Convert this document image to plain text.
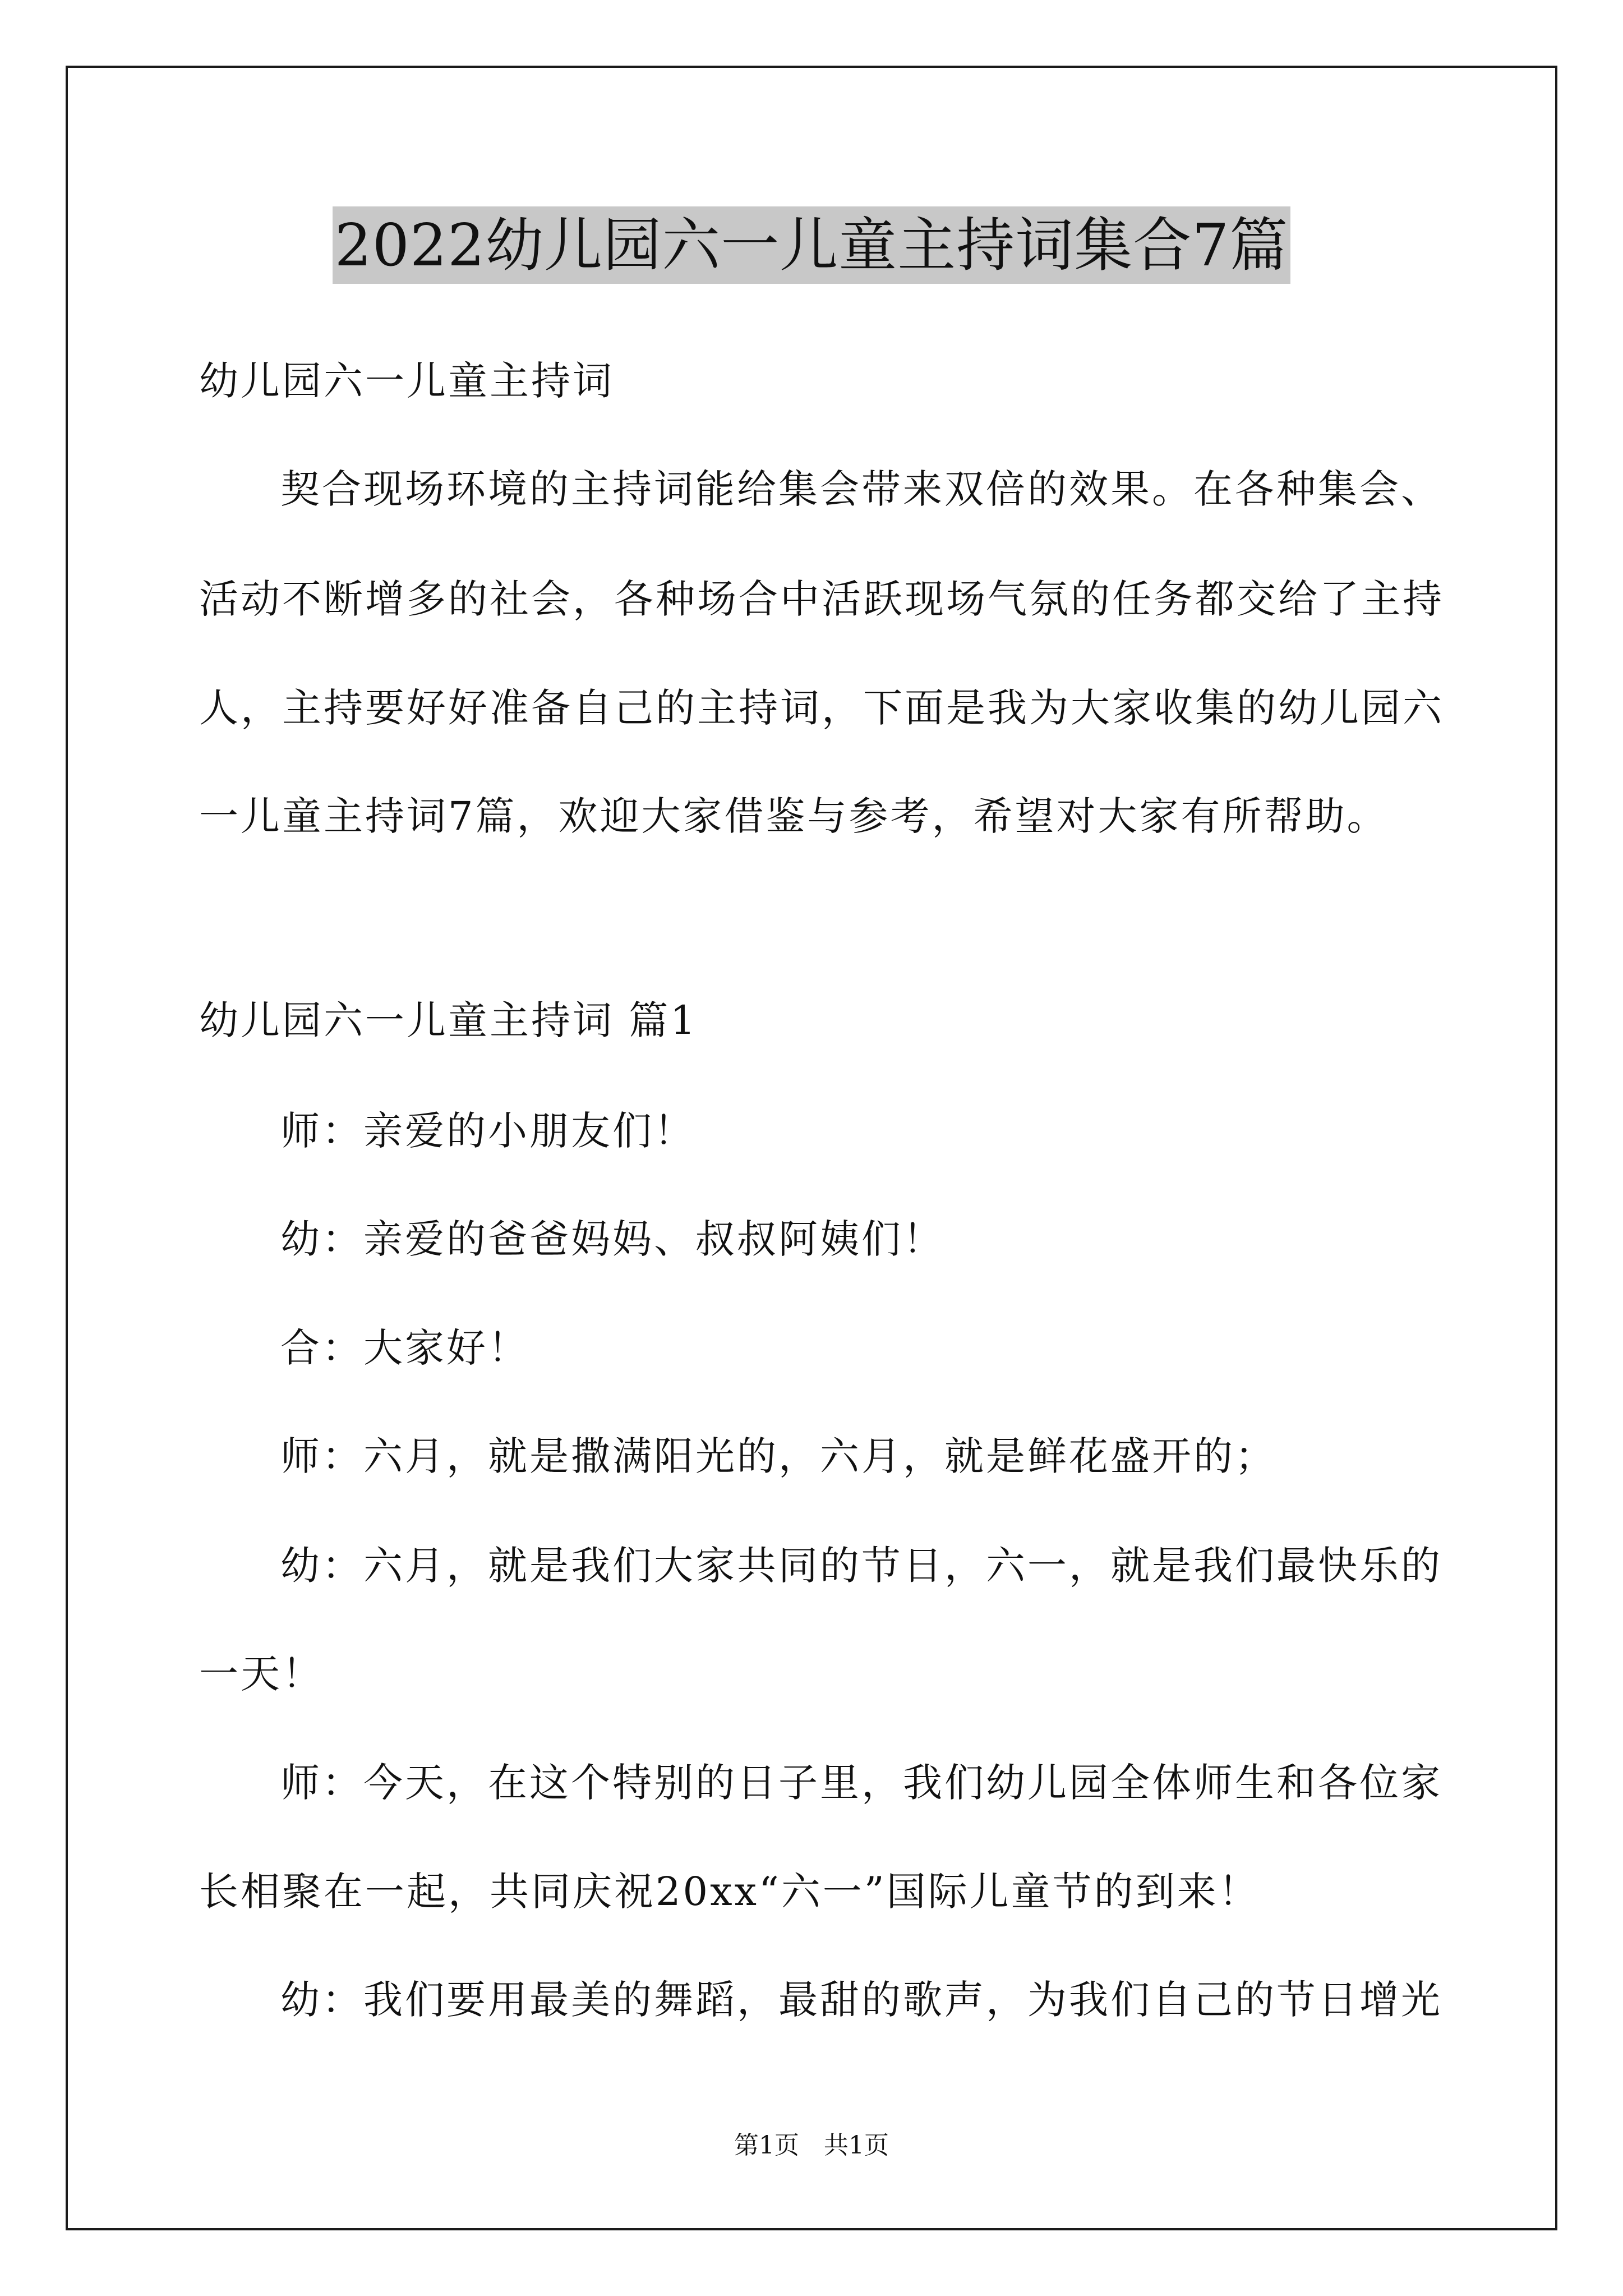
2022幼儿园六一儿童主持词集合7篇
幼儿园六一儿童主持词
契合现场环境的主持词能给集会带来双倍的效果。在各种集会、
活动不断增多的社会，各种场合中活跃现场气氛的任务都交给了主持
人，主持要好好准备自己的主持词，下面是我为大家收集的幼儿园六
一儿童主持词7篇，欢迎大家借鉴与参考，希望对大家有所帮助。
幼儿园六一儿童主持词 篇1
师：亲爱的小朋友们！
幼：亲爱的爸爸妈妈、叔叔阿姨们！
合：大家好！
师：六月，就是撒满阳光的，六月，就是鲜花盛开的；
幼：六月，就是我们大家共同的节日，六一，就是我们最快乐的
一天！
师：今天，在这个特别的日子里，我们幼儿园全体师生和各位家
长相聚在一起，共同庆祝20xx“六一”国际儿童节的到来！
幼：我们要用最美的舞蹈，最甜的歌声，为我们自己的节日增光
第1页　共1页
